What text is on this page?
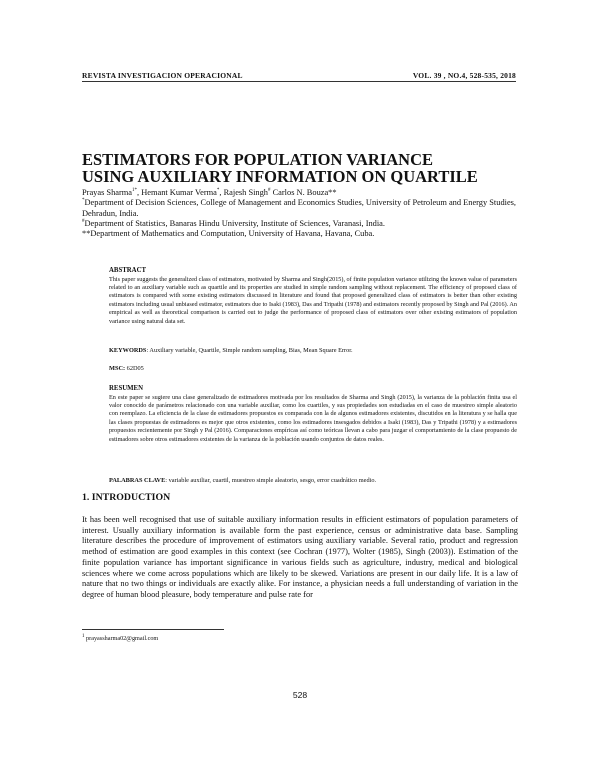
REVISTA INVESTIGACION OPERACIONAL	VOL. 39 , NO.4, 528-535, 2018
ESTIMATORS FOR POPULATION VARIANCE
USING AUXILIARY INFORMATION ON QUARTILE
Prayas Sharma$^{1*}$, Hemant Kumar Verma*, Rajesh Singh# Carlos N. Bouza**
*Department of Decision Sciences, College of Management and Economics Studies, University of Petroleum and Energy Studies, Dehradun, India.
#Department of Statistics, Banaras Hindu University, Institute of Sciences, Varanasi, India.
**Department of Mathematics and Computation, University of Havana, Havana, Cuba.
ABSTRACT
This paper suggests the generalized class of estimators, motivated by Sharma and Singh(2015), of finite population variance utilizing the known value of parameters related to an auxiliary variable such as quartile and its properties are studied in simple random sampling without replacement. The efficiency of proposed class of estimators is compared with some existing estimators discussed in literature and found that proposed generalized class of estimators is better than other existing estimators including usual unbiased estimator, estimators due to Isaki (1983), Das and Tripathi (1978) and estimators recently proposed by Singh and Pal (2016). An empirical as well as theoretical comparison is carried out to judge the performance of proposed class of estimators over other existing estimators of population variance using natural data set.
KEYWORDS: Auxiliary variable, Quartile, Simple random sampling, Bias, Mean Square Error.
MSC: 62D05
RESUMEN
En este paper se sugiere una clase generalizado de estimadores motivada por los resultados de Sharma and Singh (2015), la varianza de la población finita usa el valor conocido de parámetros relacionado con una variable auxiliar, como los cuartiles, y sus propiedades son estudiadas en el caso de muestreo simple aleatorio con reemplazo. La eficiencia de la clase de estimadores propuestos es comparada con la de algunos estimadores existentes, discutidos en la literatura y se halla que las clases propuestas de estimadores es mejor que otros existentes, como los estimadores insesgados debidos a Isaki (1983), Das y Tripathi (1978) y a estimadores propuestos recientemente por Singh y Pal (2016). Comparaciones empíricas así como teóricas llevan a cabo para juzgar el comportamiento de la clase propuesto de estimadores sobre otros estimadores existentes de la varianza de la población usando conjuntos de datos reales.
PALABRAS CLAVE: variable auxiliar, cuartil, muestreo simple aleatorio, sesgo, error cuadrático medio.
1. INTRODUCTION
It has been well recognised that use of suitable auxiliary information results in efficient estimators of population parameters of interest. Usually auxiliary information is available form the past experience, census or administrative data base. Sampling literature describes the procedure of improvement of estimators using auxiliary variable. Several ratio, product and regression method of estimation are good examples in this context (see Cochran (1977), Wolter (1985), Singh (2003)). Estimation of the finite population variance has important significance in various fields such as agriculture, industry, medical and biological sciences where we come across populations which are likely to be skewed. Variations are present in our daily life. It is a law of nature that no two things or individuals are exactly alike. For instance, a physician needs a full understanding of variation in the degree of human blood pleasure, body temperature and pulse rate for
$^1$ prayassharma02@gmail.com
528
